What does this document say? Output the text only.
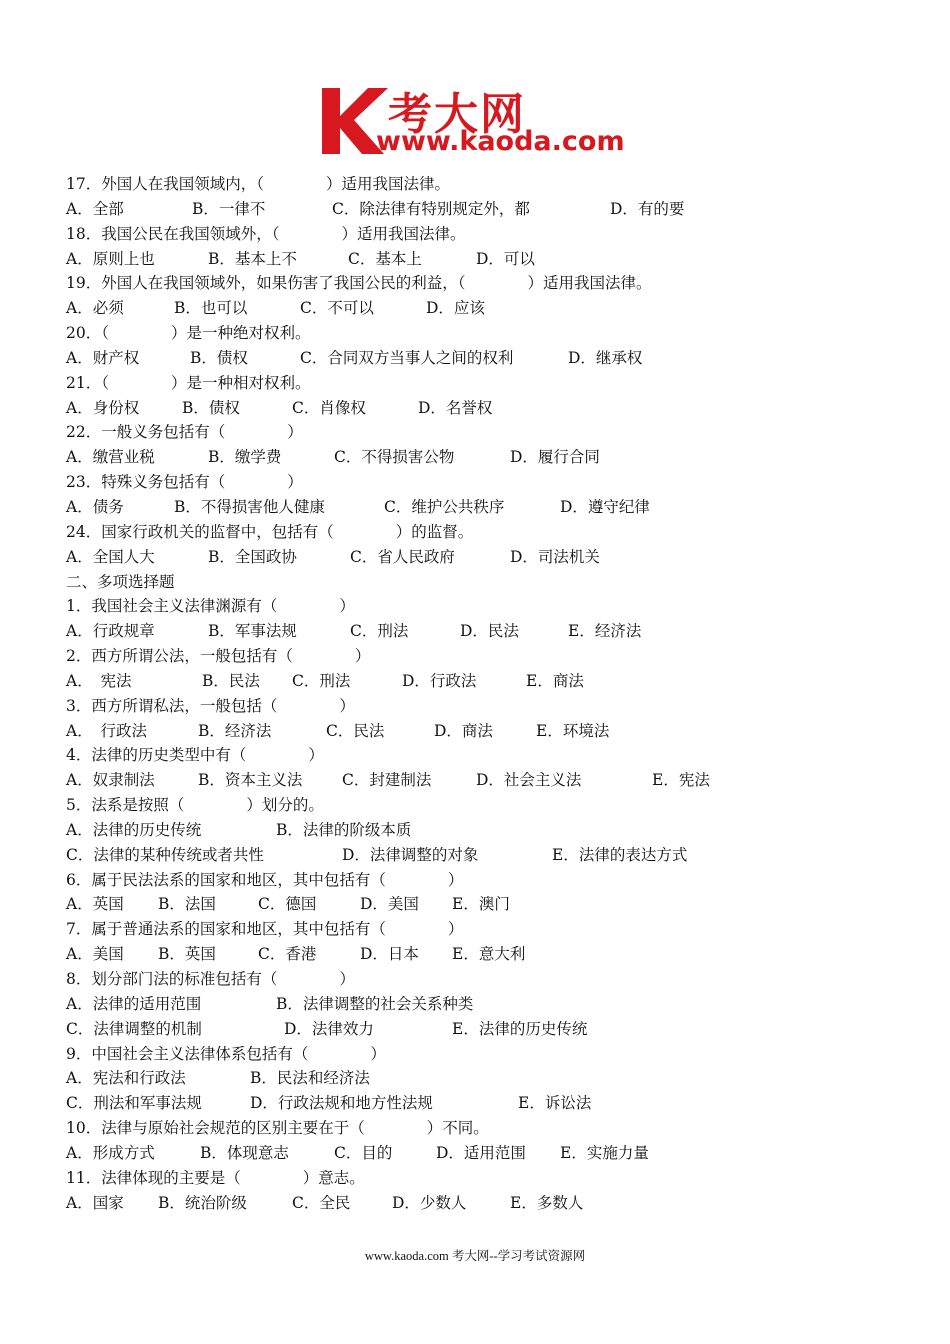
考大网
www.kaoda.com
17．外国人在我国领域内，（　　　　）适用我国法律。
A．全部	B．一律不	C．除法律有特别规定外，都	D．有的要
18．我国公民在我国领域外，（　　　　）适用我国法律。
A．原则上也	B．基本上不	C．基本上	D．可以
19．外国人在我国领域外，如果伤害了我国公民的利益，（　　　　）适用我国法律。
A．必须	B．也可以	C．不可以	D．应该
20．（　　　　）是一种绝对权利。
A．财产权	B．债权	C．合同双方当事人之间的权利	D．继承权
21．（　　　　）是一种相对权利。
A．身份权	B．债权	C．肖像权	D．名誉权
22．一般义务包括有（　　　　）
A．缴营业税	B．缴学费	C．不得损害公物	D．履行合同
23．特殊义务包括有（　　　　）
A．债务	B．不得损害他人健康	C．维护公共秩序	D．遵守纪律
24．国家行政机关的监督中，包括有（　　　　）的监督。
A．全国人大	B．全国政协	C．省人民政府	D．司法机关
二、多项选择题
1．我国社会主义法律渊源有（　　　　）
A．行政规章	B．军事法规	C．刑法	D．民法	E．经济法
2．西方所谓公法，一般包括有（　　　　）
A．　宪法	B．民法 C．刑法	D．行政法	E．商法
3．西方所谓私法，一般包括（　　　　）
A．　行政法	B．经济法	C．民法	D．商法	E．环境法
4．法律的历史类型中有（　　　　）
A．奴隶制法	B．资本主义法	C．封建制法	D．社会主义法	E．宪法
5．法系是按照（　　　　）划分的。
A．法律的历史传统	B．法律的阶级本质
C．法律的某种传统或者共性	D．法律调整的对象	E．法律的表达方式
6．属于民法法系的国家和地区，其中包括有（　　　　）
A．英国 B．法国	C．德国	D．美国 E．澳门
7．属于普通法系的国家和地区，其中包括有（　　　　）
A．美国 B．英国	C．香港	D．日本 E．意大利
8．划分部门法的标准包括有（　　　　）
A．法律的适用范围	B．法律调整的社会关系种类
C．法律调整的机制	D．法律效力	E．法律的历史传统
9．中国社会主义法律体系包括有（　　　　）
A．宪法和行政法	B．民法和经济法
C．刑法和军事法规	D．行政法规和地方性法规	E．诉讼法
10．法律与原始社会规范的区别主要在于（　　　　）不同。
A．形成方式	B．体现意志	C．目的	D．适用范围 E．实施力量
11．法律体现的主要是（　　　　）意志。
A．国家 B．统治阶级	C．全民	D．少数人	E．多数人
www.kaoda.com 考大网--学习考试资源网
